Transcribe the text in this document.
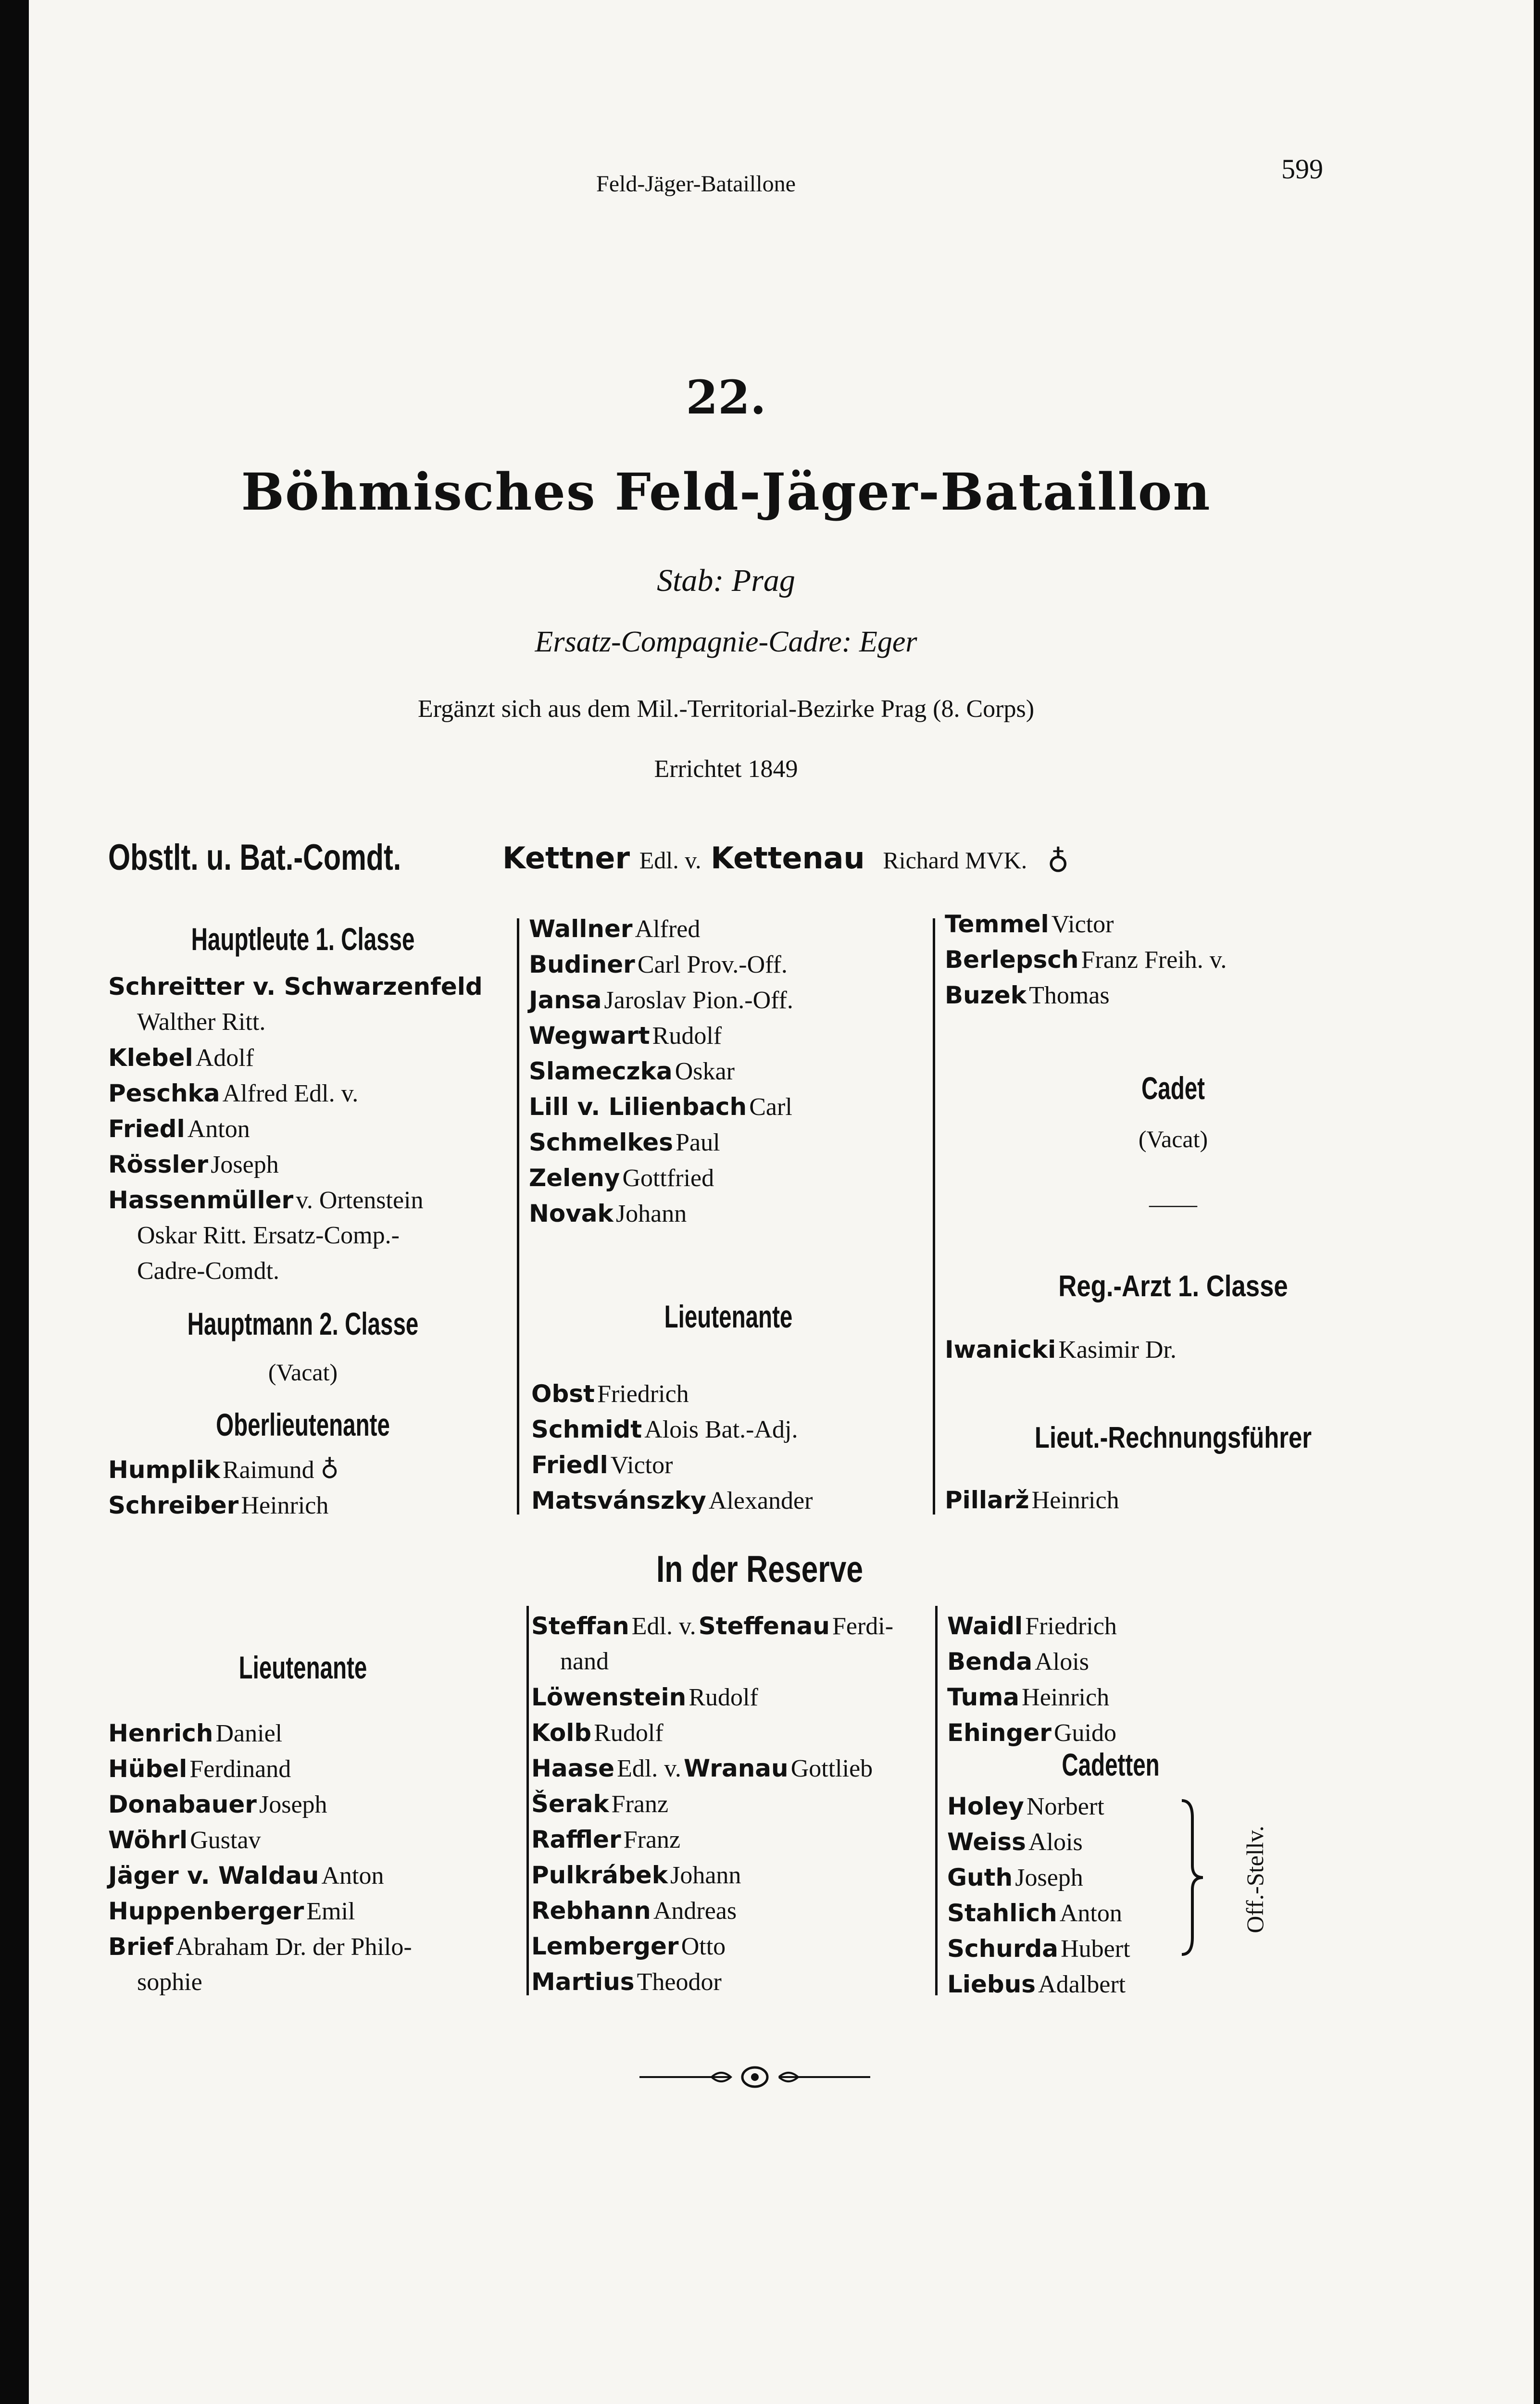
Feld-Jäger-Bataillone	599
22.
Böhmisches Feld-Jäger-Bataillon
Stab: Prag
Ersatz-Compagnie-Cadre: Eger
Ergänzt sich aus dem Mil.-Territorial-Bezirke Prag (8. Corps)
Errichtet 1849
Obstlt. u. Bat.-Comdt.	Kettner Edl. v. Kettenau Richard MVK. ♁
Hauptleute 1. Classe
Schreitter v. Schwarzenfeld
Walther Ritt.
Klebel Adolf
Peschka Alfred Edl. v.
Friedl Anton
Rössler Joseph
Hassenmüller v. Ortenstein
Oskar Ritt. Ersatz-Comp.-
Cadre-Comdt.
Hauptmann 2. Classe
(Vacat)
Oberlieutenante
Humplik Raimund ♁
Schreiber Heinrich
Wallner Alfred
Budiner Carl Prov.-Off.
Jansa Jaroslav Pion.-Off.
Wegwart Rudolf
Slameczka Oskar
Lill v. Lilienbach Carl
Schmelkes Paul
Zeleny Gottfried
Novak Johann
Lieutenante
Obst Friedrich
Schmidt Alois Bat.-Adj.
Friedl Victor
Matsvánszky Alexander
Temmel Victor
Berlepsch Franz Freih. v.
Buzek Thomas
Cadet
(Vacat)
——
Reg.-Arzt 1. Classe
Iwanicki Kasimir Dr.
Lieut.-Rechnungsführer
Pillarž Heinrich
In der Reserve
Lieutenante
Henrich Daniel
Hübel Ferdinand
Donabauer Joseph
Wöhrl Gustav
Jäger v. Waldau Anton
Huppenberger Emil
Brief Abraham Dr. der Philo-
sophie
Steffan Edl. v. Steffenau Ferdi-
nand
Löwenstein Rudolf
Kolb Rudolf
Haase Edl. v. Wranau Gottlieb
Šerak Franz
Raffler Franz
Pulkrábek Johann
Rebhann Andreas
Lemberger Otto
Martius Theodor
Waidl Friedrich
Benda Alois
Tuma Heinrich
Ehinger Guido
Cadetten
Holey Norbert
Weiss Alois
Guth Joseph
Stahlich Anton
Schurda Hubert
Liebus Adalbert
Off.-Stellv.
